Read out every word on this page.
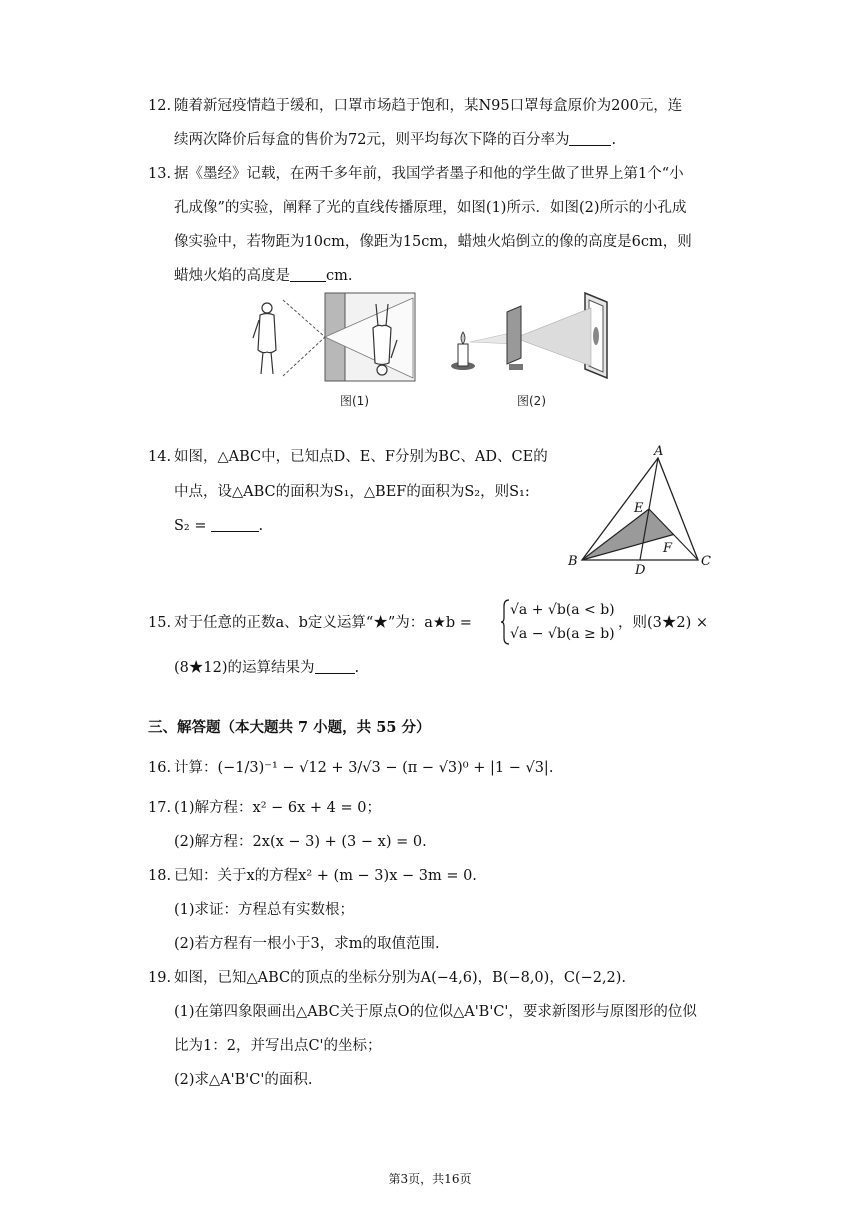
12. 随着新冠疫情趋于缓和，口罩市场趋于饱和，某N95口罩每盒原价为200元，连
续两次降价后每盒的售价为72元，则平均每次下降的百分率为	.
13. 据《墨经》记载，在两千多年前，我国学者墨子和他的学生做了世界上第1个“小
孔成像”的实验，阐释了光的直线传播原理，如图(1)所示．如图(2)所示的小孔成
像实验中，若物距为10cm，像距为15cm，蜡烛火焰倒立的像的高度是6cm，则
蜡烛火焰的高度是 cm.
图(1)	图(2)
14. 如图，△ABC中，已知点D、E、F分别为BC、AD、CE的
中点，设△ABC的面积为S₁，△BEF的面积为S₂，则S₁:
S₂ =	.
A
B	C
D
E
F
15. 对于任意的正数a、b定义运算“★”为：a★b =
√a + √b(a < b)
√a − √b(a ≥ b)
，则(3★2) ×
(8★12)的运算结果为	.
三、解答题（本大题共 7 小题，共 55 分）
16. 计算：(−1/3)⁻¹ − √12 + 3/√3 − (π − √3)⁰ + |1 − √3|.
17. (1)解方程：x² − 6x + 4 = 0；
(2)解方程：2x(x − 3) + (3 − x) = 0.
18. 已知：关于x的方程x² + (m − 3)x − 3m = 0.
(1)求证：方程总有实数根；
(2)若方程有一根小于3，求m的取值范围.
19. 如图，已知△ABC的顶点的坐标分别为A(−4,6)，B(−8,0)，C(−2,2).
(1)在第四象限画出△ABC关于原点O的位似△A'B'C'，要求新图形与原图形的位似
比为1：2，并写出点C'的坐标；
(2)求△A'B'C'的面积.
第3页，共16页
